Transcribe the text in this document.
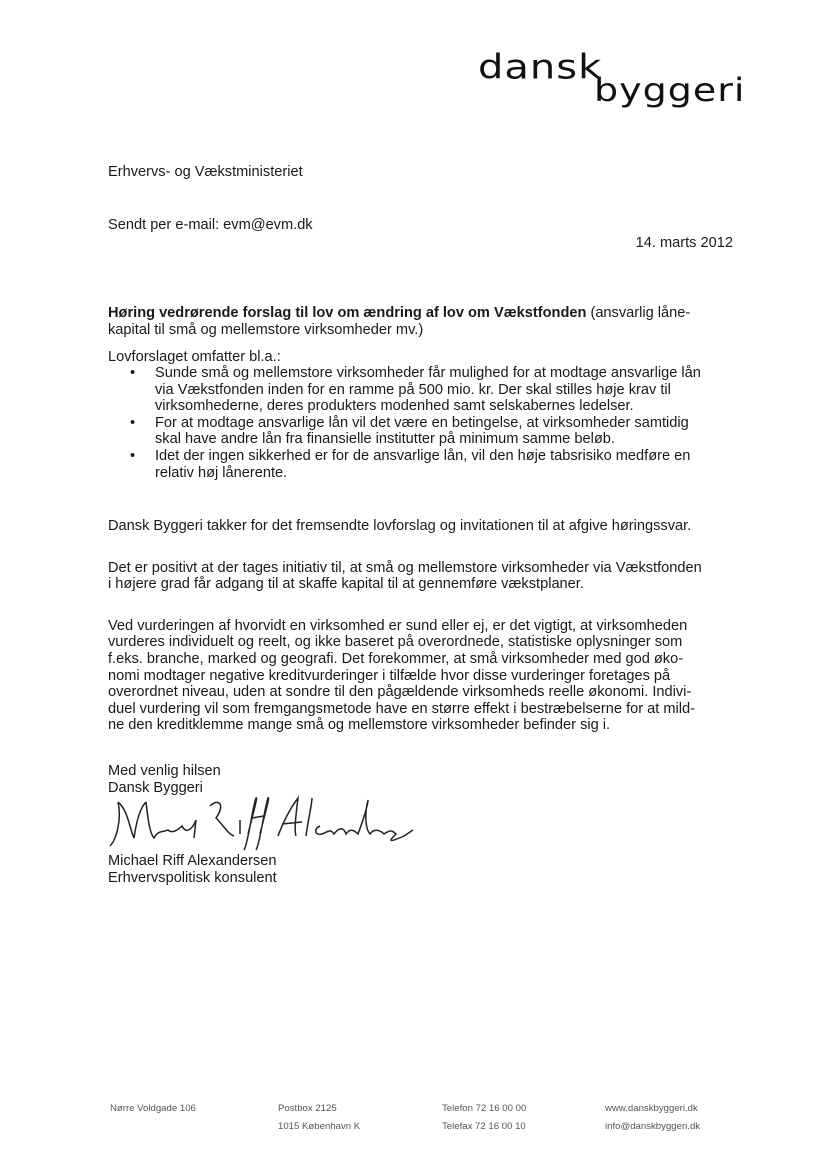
dansk
byggeri
Erhvervs- og Vækstministeriet
Sendt per e-mail: evm@evm.dk
14. marts 2012
Høring vedrørende forslag til lov om ændring af lov om Vækstfonden (ansvarlig låne-
kapital til små og mellemstore virksomheder mv.)
Lovforslaget omfatter bl.a.:
• Sunde små og mellemstore virksomheder får mulighed for at modtage ansvarlige lån
via Vækstfonden inden for en ramme på 500 mio. kr. Der skal stilles høje krav til
virksomhederne, deres produkters modenhed samt selskabernes ledelser.
• For at modtage ansvarlige lån vil det være en betingelse, at virksomheder samtidig
skal have andre lån fra finansielle institutter på minimum samme beløb.
• Idet der ingen sikkerhed er for de ansvarlige lån, vil den høje tabsrisiko medføre en
relativ høj lånerente.
Dansk Byggeri takker for det fremsendte lovforslag og invitationen til at afgive høringssvar.
Det er positivt at der tages initiativ til, at små og mellemstore virksomheder via Vækstfonden
i højere grad får adgang til at skaffe kapital til at gennemføre vækstplaner.
Ved vurderingen af hvorvidt en virksomhed er sund eller ej, er det vigtigt, at virksomheden
vurderes individuelt og reelt, og ikke baseret på overordnede, statistiske oplysninger som
f.eks. branche, marked og geografi. Det forekommer, at små virksomheder med god øko-
nomi modtager negative kreditvurderinger i tilfælde hvor disse vurderinger foretages på
overordnet niveau, uden at sondre til den pågældende virksomheds reelle økonomi. Indivi-
duel vurdering vil som fremgangsmetode have en større effekt i bestræbelserne for at mild-
ne den kreditklemme mange små og mellemstore virksomheder befinder sig i.
Med venlig hilsen
Dansk Byggeri
Michael Riff Alexandersen
Erhvervspolitisk konsulent
Nørre Voldgade 106	Postbox 2125
1015 København K
Telefon 72 16 00 00
Telefax 72 16 00 10
www.danskbyggeri.dk
info@danskbyggeri.dk
